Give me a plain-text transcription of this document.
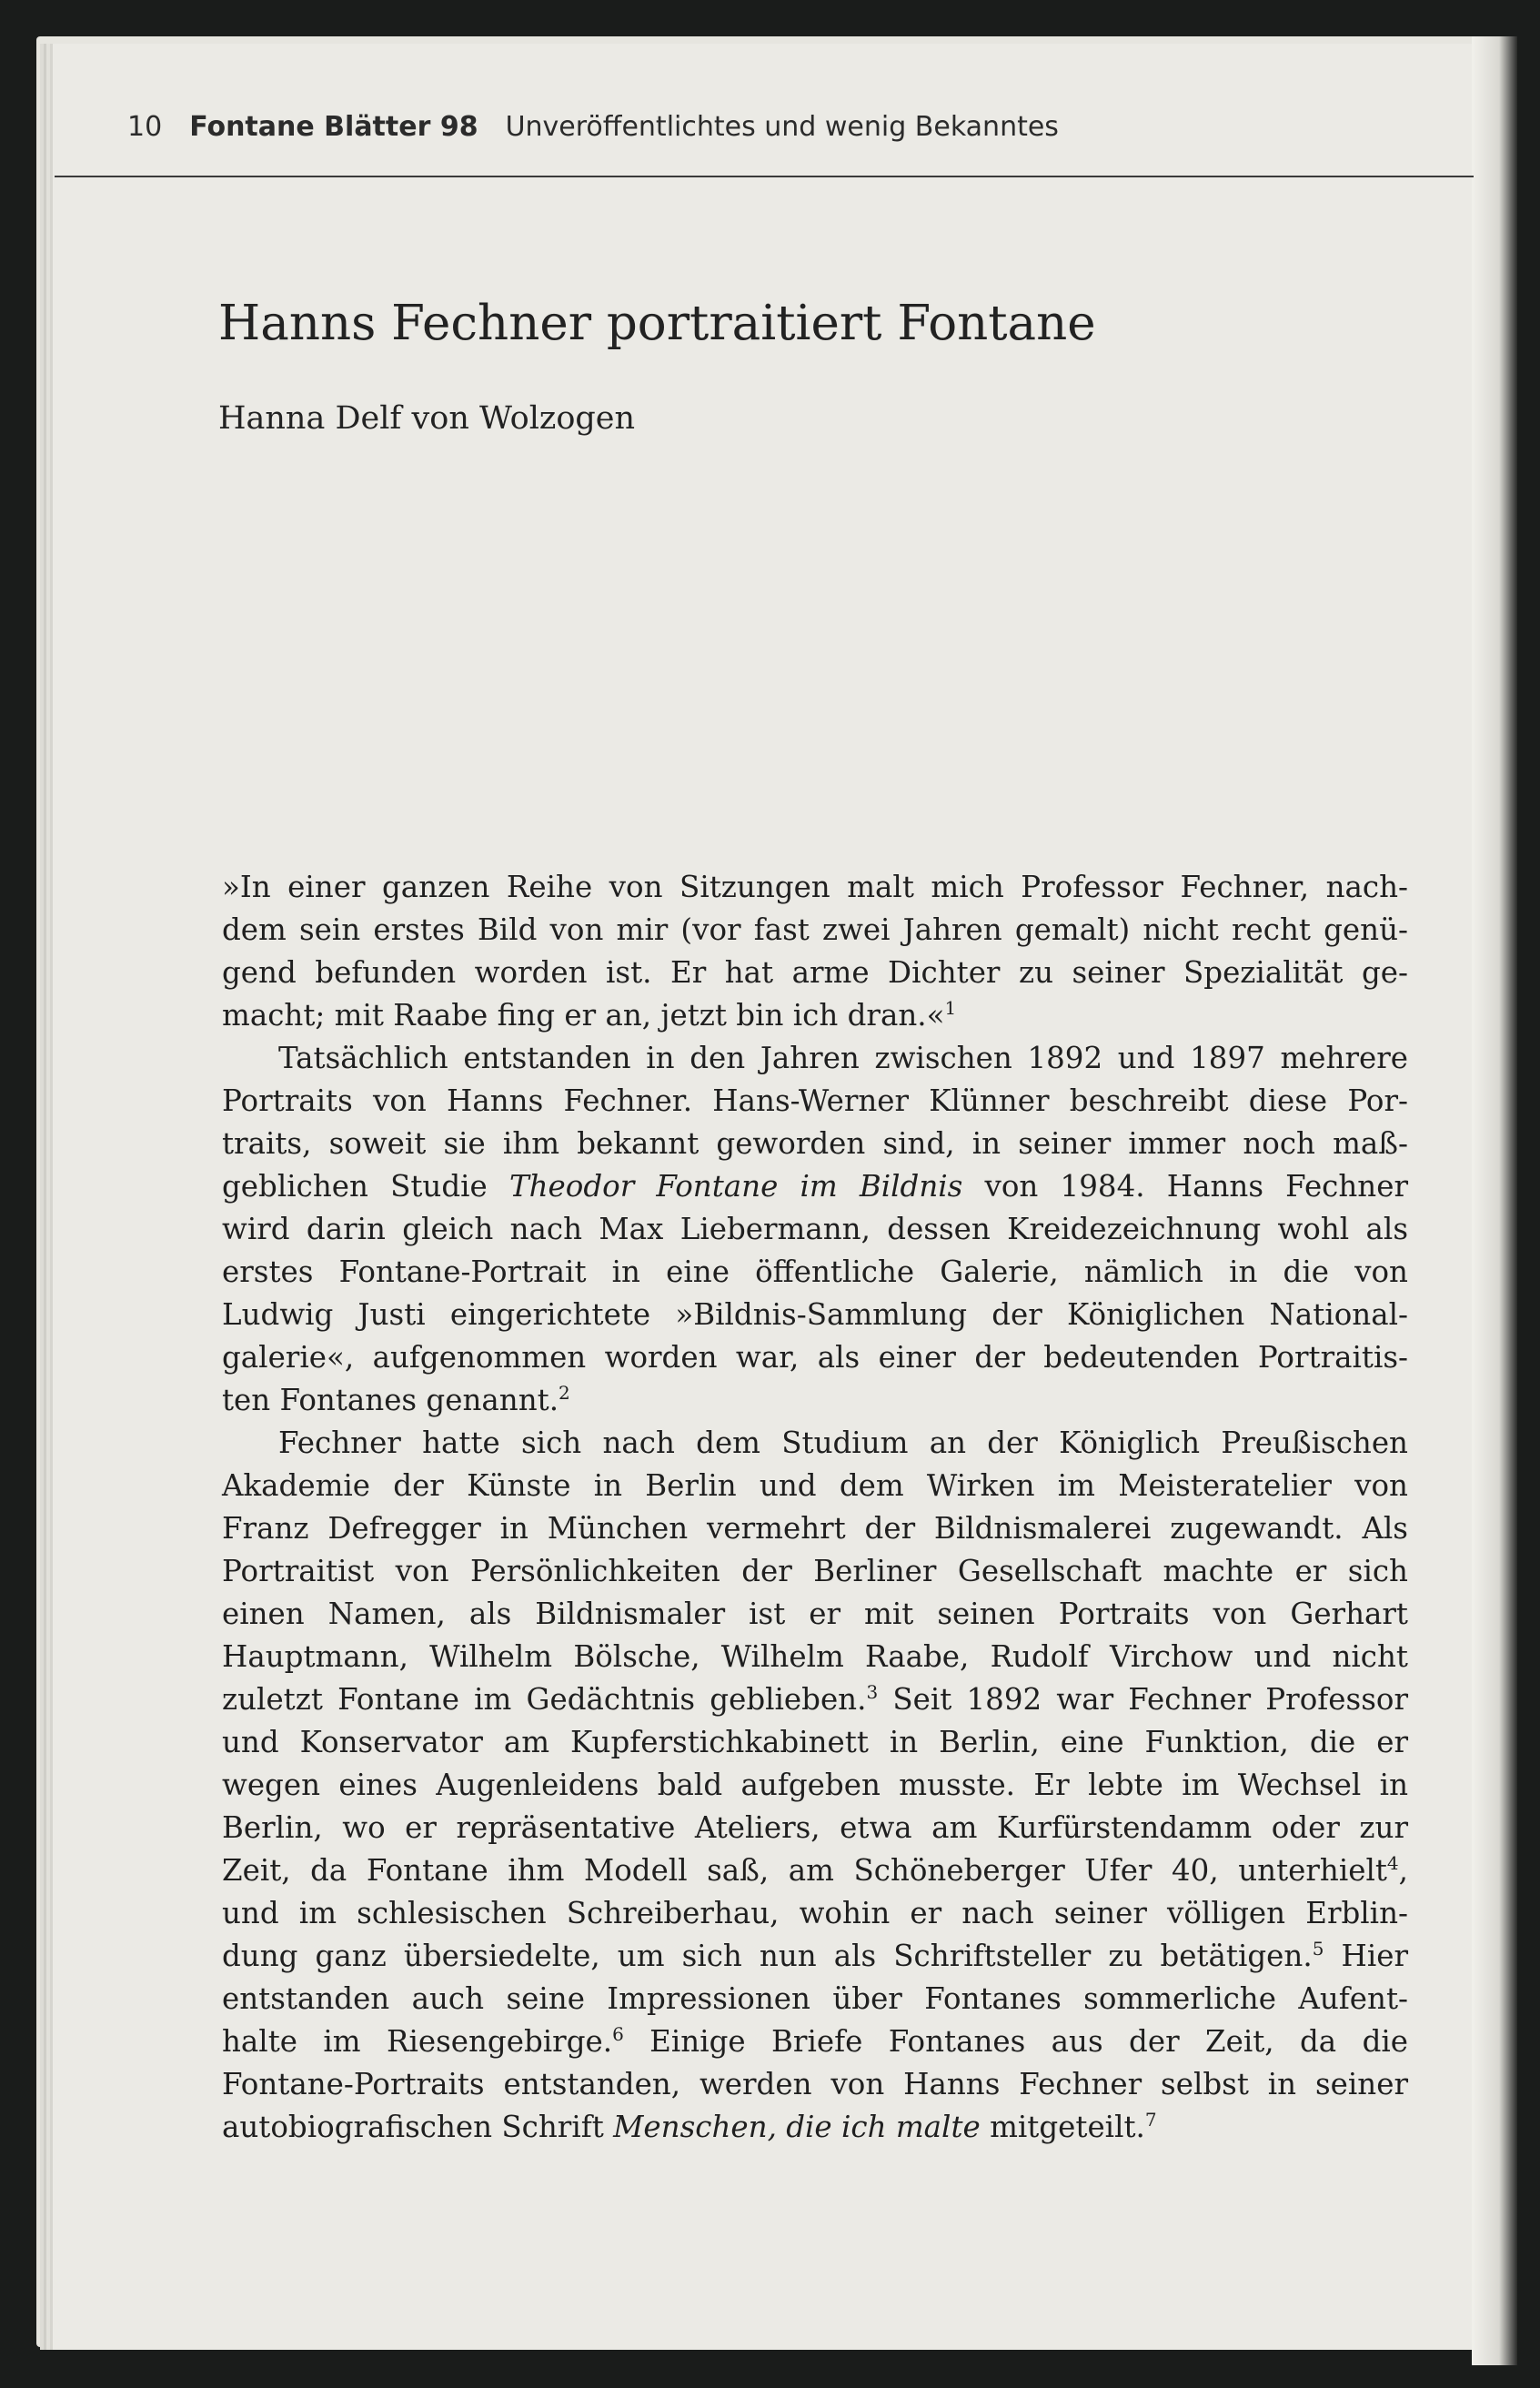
10 Fontane Blätter 98 Unveröffentlichtes und wenig Bekanntes
Hanns Fechner portraitiert Fontane
Hanna Delf von Wolzogen
»In einer ganzen Reihe von Sitzungen malt mich Professor Fechner, nach-
dem sein erstes Bild von mir (vor fast zwei Jahren gemalt) nicht recht genü-
gend befunden worden ist. Er hat arme Dichter zu seiner Spezialität ge-
macht; mit Raabe fing er an, jetzt bin ich dran.«$^1$
Tatsächlich entstanden in den Jahren zwischen 1892 und 1897 mehrere
Portraits von Hanns Fechner. Hans-Werner Klünner beschreibt diese Por-
traits, soweit sie ihm bekannt geworden sind, in seiner immer noch maß-
geblichen Studie Theodor Fontane im Bildnis von 1984. Hanns Fechner
wird darin gleich nach Max Liebermann, dessen Kreidezeichnung wohl als
erstes Fontane-Portrait in eine öffentliche Galerie, nämlich in die von
Ludwig Justi eingerichtete »Bildnis-Sammlung der Königlichen National-
galerie«, aufgenommen worden war, als einer der bedeutenden Portraitis-
ten Fontanes genannt.$^2$
Fechner hatte sich nach dem Studium an der Königlich Preußischen
Akademie der Künste in Berlin und dem Wirken im Meisteratelier von
Franz Defregger in München vermehrt der Bildnismalerei zugewandt. Als
Portraitist von Persönlichkeiten der Berliner Gesellschaft machte er sich
einen Namen, als Bildnismaler ist er mit seinen Portraits von Gerhart
Hauptmann, Wilhelm Bölsche, Wilhelm Raabe, Rudolf Virchow und nicht
zuletzt Fontane im Gedächtnis geblieben.$^3$ Seit 1892 war Fechner Professor
und Konservator am Kupferstichkabinett in Berlin, eine Funktion, die er
wegen eines Augenleidens bald aufgeben musste. Er lebte im Wechsel in
Berlin, wo er repräsentative Ateliers, etwa am Kurfürstendamm oder zur
Zeit, da Fontane ihm Modell saß, am Schöneberger Ufer 40, unterhielt$^4$,
und im schlesischen Schreiberhau, wohin er nach seiner völligen Erblin-
dung ganz übersiedelte, um sich nun als Schriftsteller zu betätigen.$^5$ Hier
entstanden auch seine Impressionen über Fontanes sommerliche Aufent-
halte im Riesengebirge.$^6$ Einige Briefe Fontanes aus der Zeit, da die
Fontane-Portraits entstanden, werden von Hanns Fechner selbst in seiner
autobiografischen Schrift Menschen, die ich malte mitgeteilt.$^7$
